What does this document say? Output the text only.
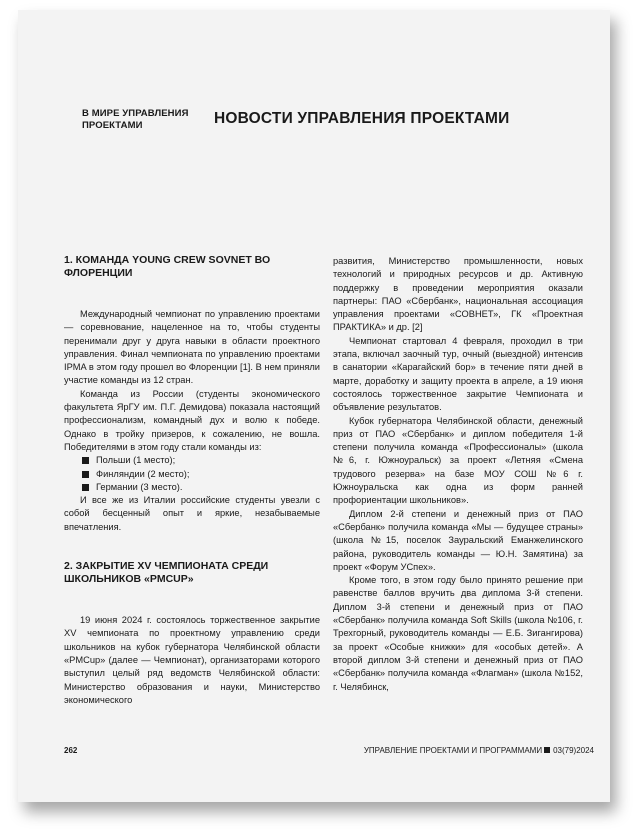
В МИРЕ УПРАВЛЕНИЯ ПРОЕКТАМИ	НОВОСТИ УПРАВЛЕНИЯ ПРОЕКТАМИ
1. КОМАНДА YOUNG CREW SOVNET ВО ФЛОРЕНЦИИ

Международный чемпионат по управлению проектами — соревнование, нацеленное на то, чтобы студенты перенимали друг у друга навыки в области проектного управления. Финал чемпионата по управлению проектами IPMA в этом году прошел во Флоренции [1]. В нем приняли участие команды из 12 стран.

Команда из России (студенты экономического факультета ЯрГУ им. П.Г. Демидова) показала настоящий профессионализм, командный дух и волю к победе. Однако в тройку призеров, к сожалению, не вошла. Победителями в этом году стали команды из:

Польши (1 место);
Финляндии (2 место);
Германии (3 место).

И все же из Италии российские студенты увезли с собой бесценный опыт и яркие, незабываемые впечатления.

2. ЗАКРЫТИЕ XV ЧЕМПИОНАТА СРЕДИ ШКОЛЬНИКОВ «PMCUP»

19 июня 2024 г. состоялось торжественное закрытие XV чемпионата по проектному управлению среди школьников на кубок губернатора Челябинской области «PMCup» (далее — Чемпионат), организаторами которого выступил целый ряд ведомств Челябинской области: Министерство образования и науки, Министерство экономического

развития, Министерство промышленности, новых технологий и природных ресурсов и др. Активную поддержку в проведении мероприятия оказали партнеры: ПАО «Сбербанк», национальная ассоциация управления проектами «СОВНЕТ», ГК «Проектная ПРАКТИКА» и др. [2]

Чемпионат стартовал 4 февраля, проходил в три этапа, включал заочный тур, очный (выездной) интенсив в санатории «Карагайский бор» в течение пяти дней в марте, доработку и защиту проекта в апреле, а 19 июня состоялось торжественное закрытие Чемпионата и объявление результатов.

Кубок губернатора Челябинской области, денежный приз от ПАО «Сбербанк» и диплом победителя 1-й степени получила команда «Профессионалы» (школа №6, г. Южноуральск) за проект «Летняя «Смена трудового резерва» на базе МОУ СОШ №6 г. Южноуральска как одна из форм ранней профориентации школьников».

Диплом 2-й степени и денежный приз от ПАО «Сбербанк» получила команда «Мы — будущее страны» (школа №15, поселок Зауральский Еманжелинского района, руководитель команды — Ю.Н. Замятина) за проект «Форум УСпех».

Кроме того, в этом году было принято решение при равенстве баллов вручить два диплома 3-й степени. Диплом 3-й степени и денежный приз от ПАО «Сбербанк» получила команда Soft Skills (школа №106, г. Трехгорный, руководитель команды — Е.Б. Зигангирова) за проект «Особые книжки» для «особых детей». А второй диплом 3-й степени и денежный приз от ПАО «Сбербанк» получила команда «Флагман» (школа №152, г. Челябинск,

262	УПРАВЛЕНИЕ ПРОЕКТАМИ И ПРОГРАММАМИ 03(79)2024
